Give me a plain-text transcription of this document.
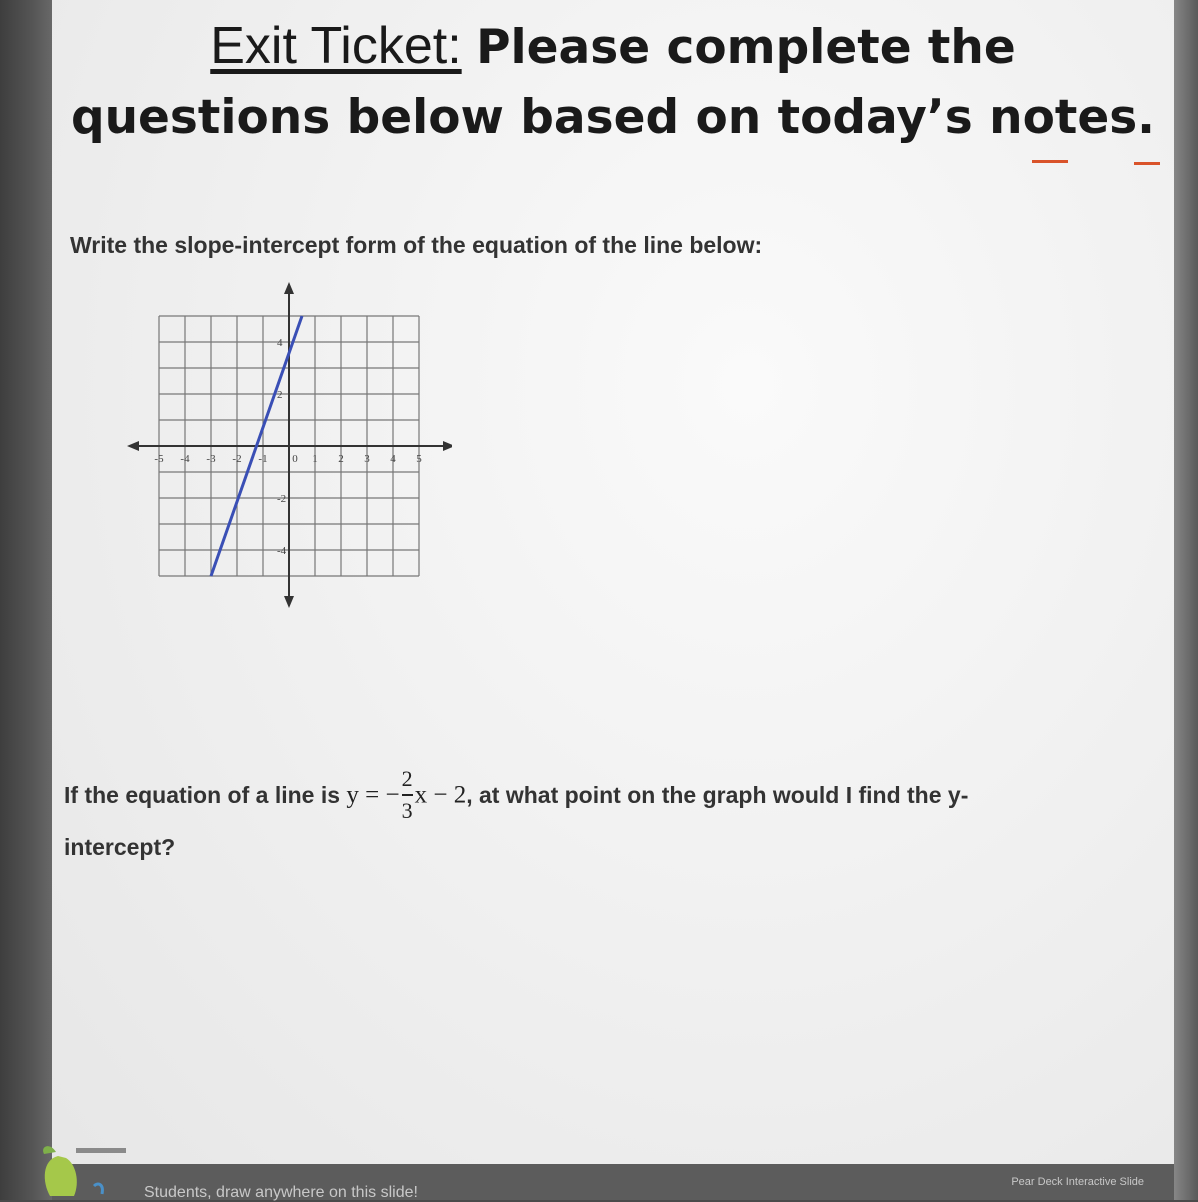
Exit Ticket: Please complete the
questions below based on today’s notes.
Write the slope-intercept form of the equation of the line below:
-5 -4 -3 -2 -1 0 1 2 3 4 5
4
2
-2
-4
If the equation of a line is y = − $\frac{2}{3}$ x − 2, at what point on the graph would I find the y-
intercept?
Students, draw anywhere on this slide!
Pear Deck Interactive Slide
